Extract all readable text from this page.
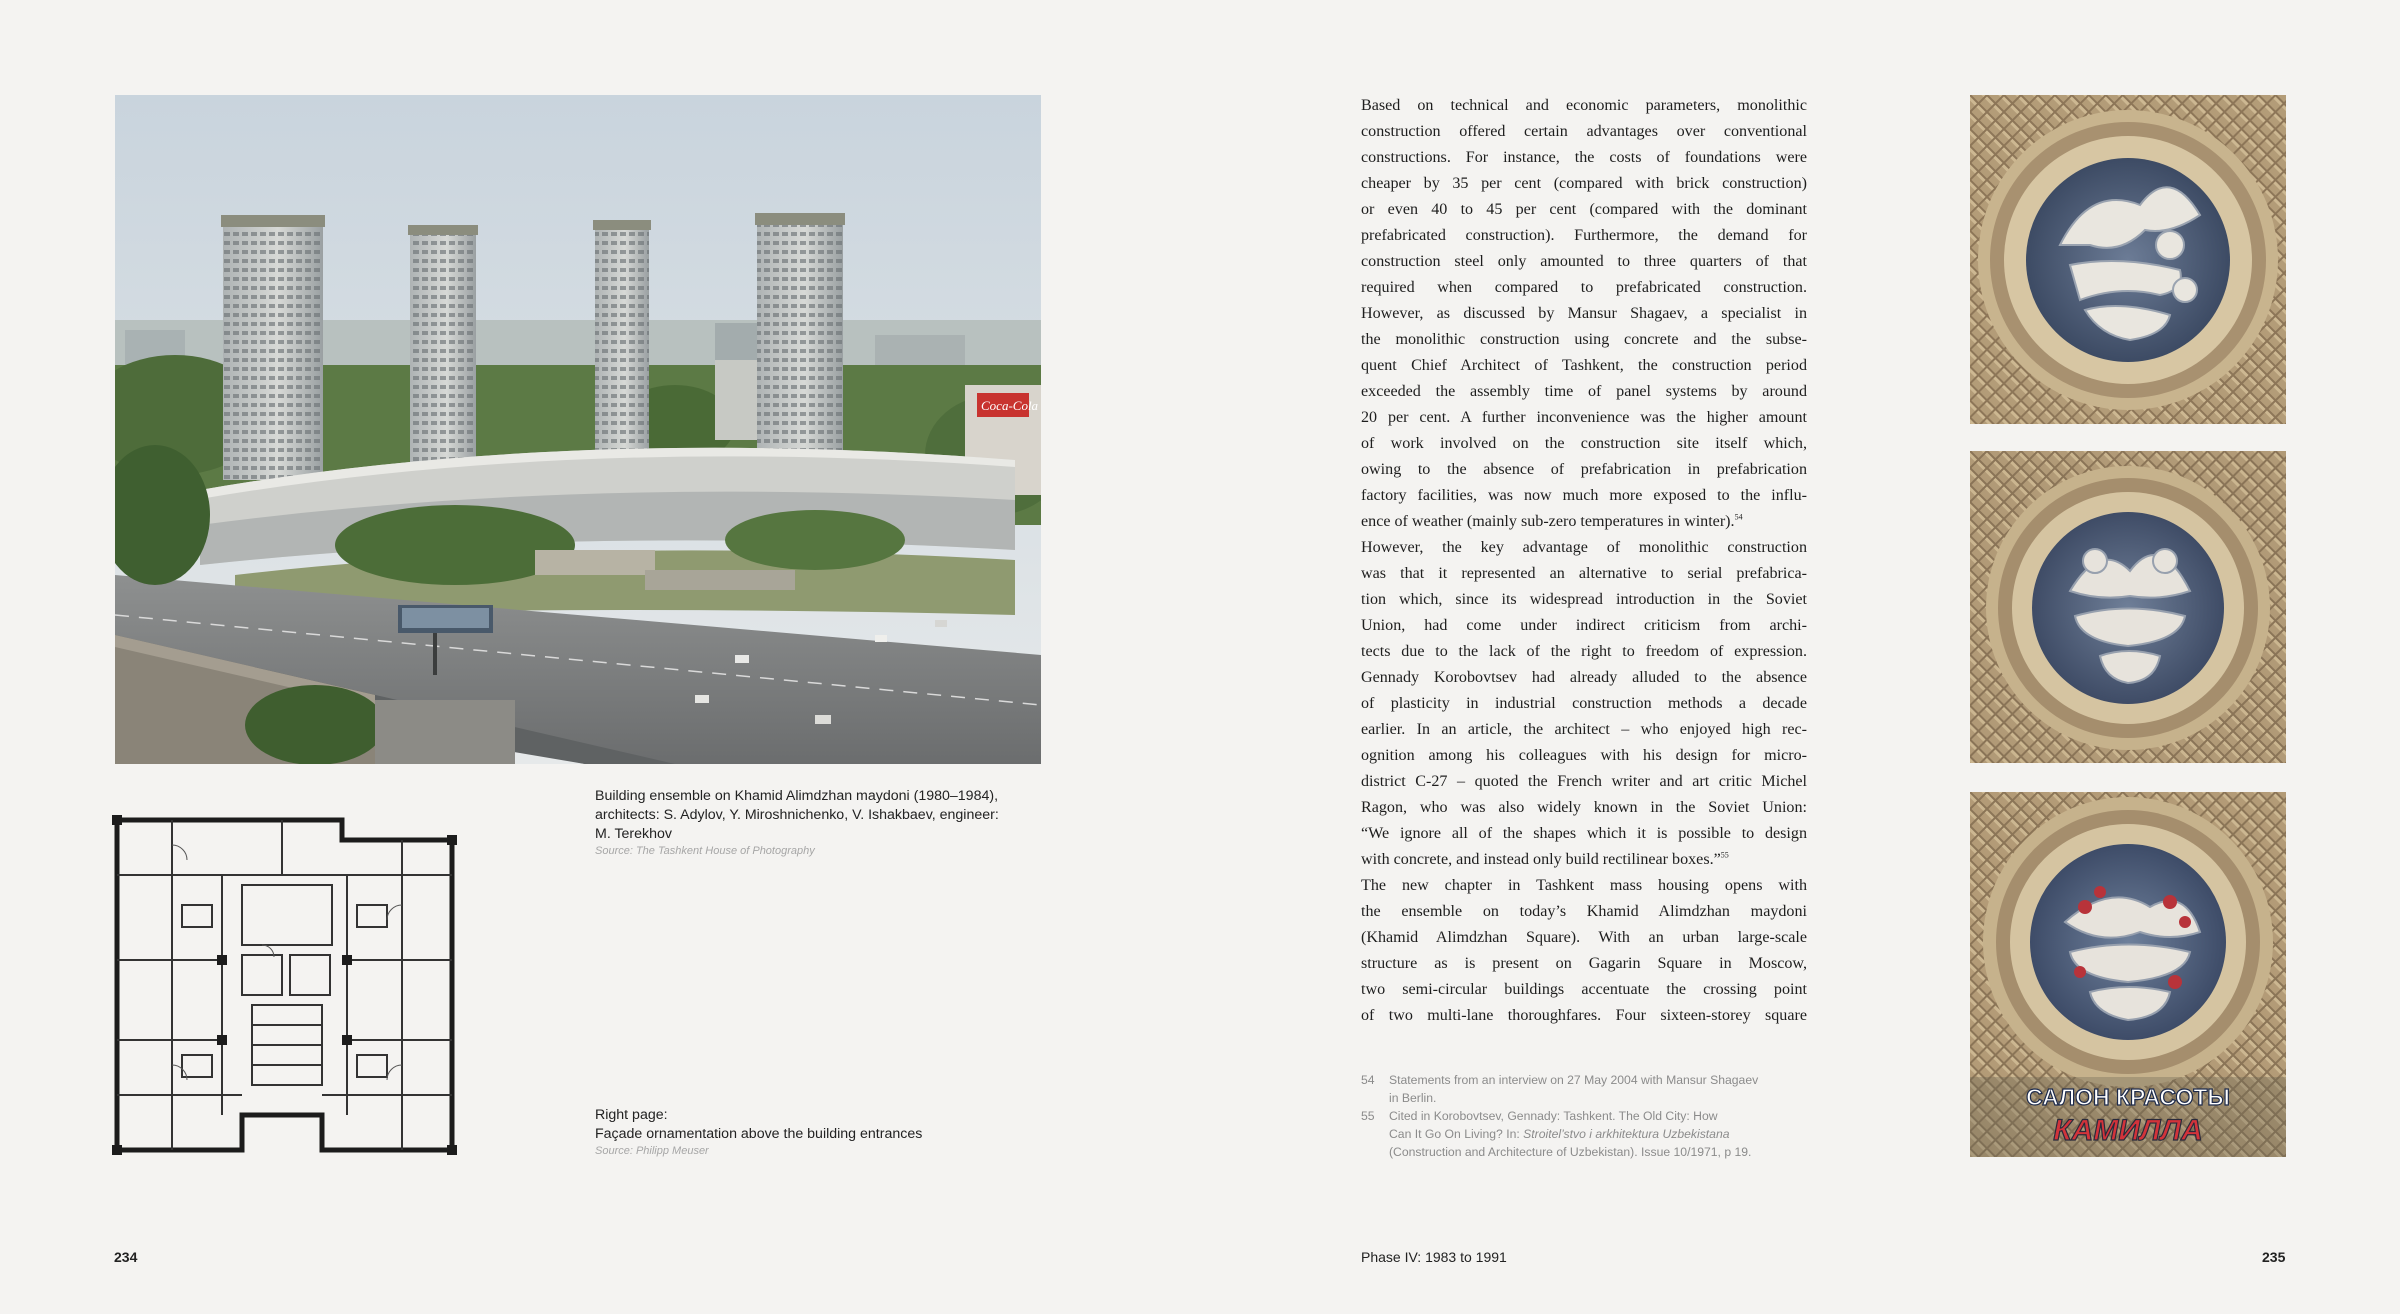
Coca-Cola
Building ensemble on Khamid Alimdzhan maydoni (1980–1984),
architects: S. Adylov, Y. Miroshnichenko, V. Ishakbaev, engineer:
M. Terekhov
Source: The Tashkent House of Photography
Right page:
Façade ornamentation above the building entrances
Source: Philipp Meuser
234
Based on technical and economic parameters, monolithic
construction offered certain advantages over conventional
constructions. For instance, the costs of foundations were
cheaper by 35 per cent (compared with brick construction)
or even 40 to 45 per cent (compared with the dominant
prefabricated construction). Furthermore, the demand for
construction steel only amounted to three quarters of that
required when compared to prefabricated construction.
However, as discussed by Mansur Shagaev, a specialist in
the monolithic construction using concrete and the subse-
quent Chief Architect of Tashkent, the construction period
exceeded the assembly time of panel systems by around
20 per cent. A further inconvenience was the higher amount
of work involved on the construction site itself which,
owing to the absence of prefabrication in prefabrication
factory facilities, was now much more exposed to the influ-
ence of weather (mainly sub-zero temperatures in winter).$^{54}$
However, the key advantage of monolithic construction
was that it represented an alternative to serial prefabrica-
tion which, since its widespread introduction in the Soviet
Union, had come under indirect criticism from archi-
tects due to the lack of the right to freedom of expression.
Gennady Korobovtsev had already alluded to the absence
of plasticity in industrial construction methods a decade
earlier. In an article, the architect – who enjoyed high rec-
ognition among his colleagues with his design for micro-
district C-27 – quoted the French writer and art critic Michel
Ragon, who was also widely known in the Soviet Union:
“We ignore all of the shapes which it is possible to design
with concrete, and instead only build rectilinear boxes.”$^{55}$
The new chapter in Tashkent mass housing opens with
the ensemble on today’s Khamid Alimdzhan maydoni
(Khamid Alimdzhan Square). With an urban large-scale
structure as is present on Gagarin Square in Moscow,
two semi-circular buildings accentuate the crossing point
of two multi-lane thoroughfares. Four sixteen-storey square
54	Statements from an interview on 27 May 2004 with Mansur Shagaev
in Berlin.
55	Cited in Korobovtsev, Gennady: Tashkent. The Old City: How
Can It Go On Living? In: Stroitel’stvo i arkhitektura Uzbekistana
(Construction and Architecture of Uzbekistan). Issue 10/1971, p 19.
Phase IV: 1983 to 1991	235
САЛОН КРАСОТЫ
КАМИЛЛА
